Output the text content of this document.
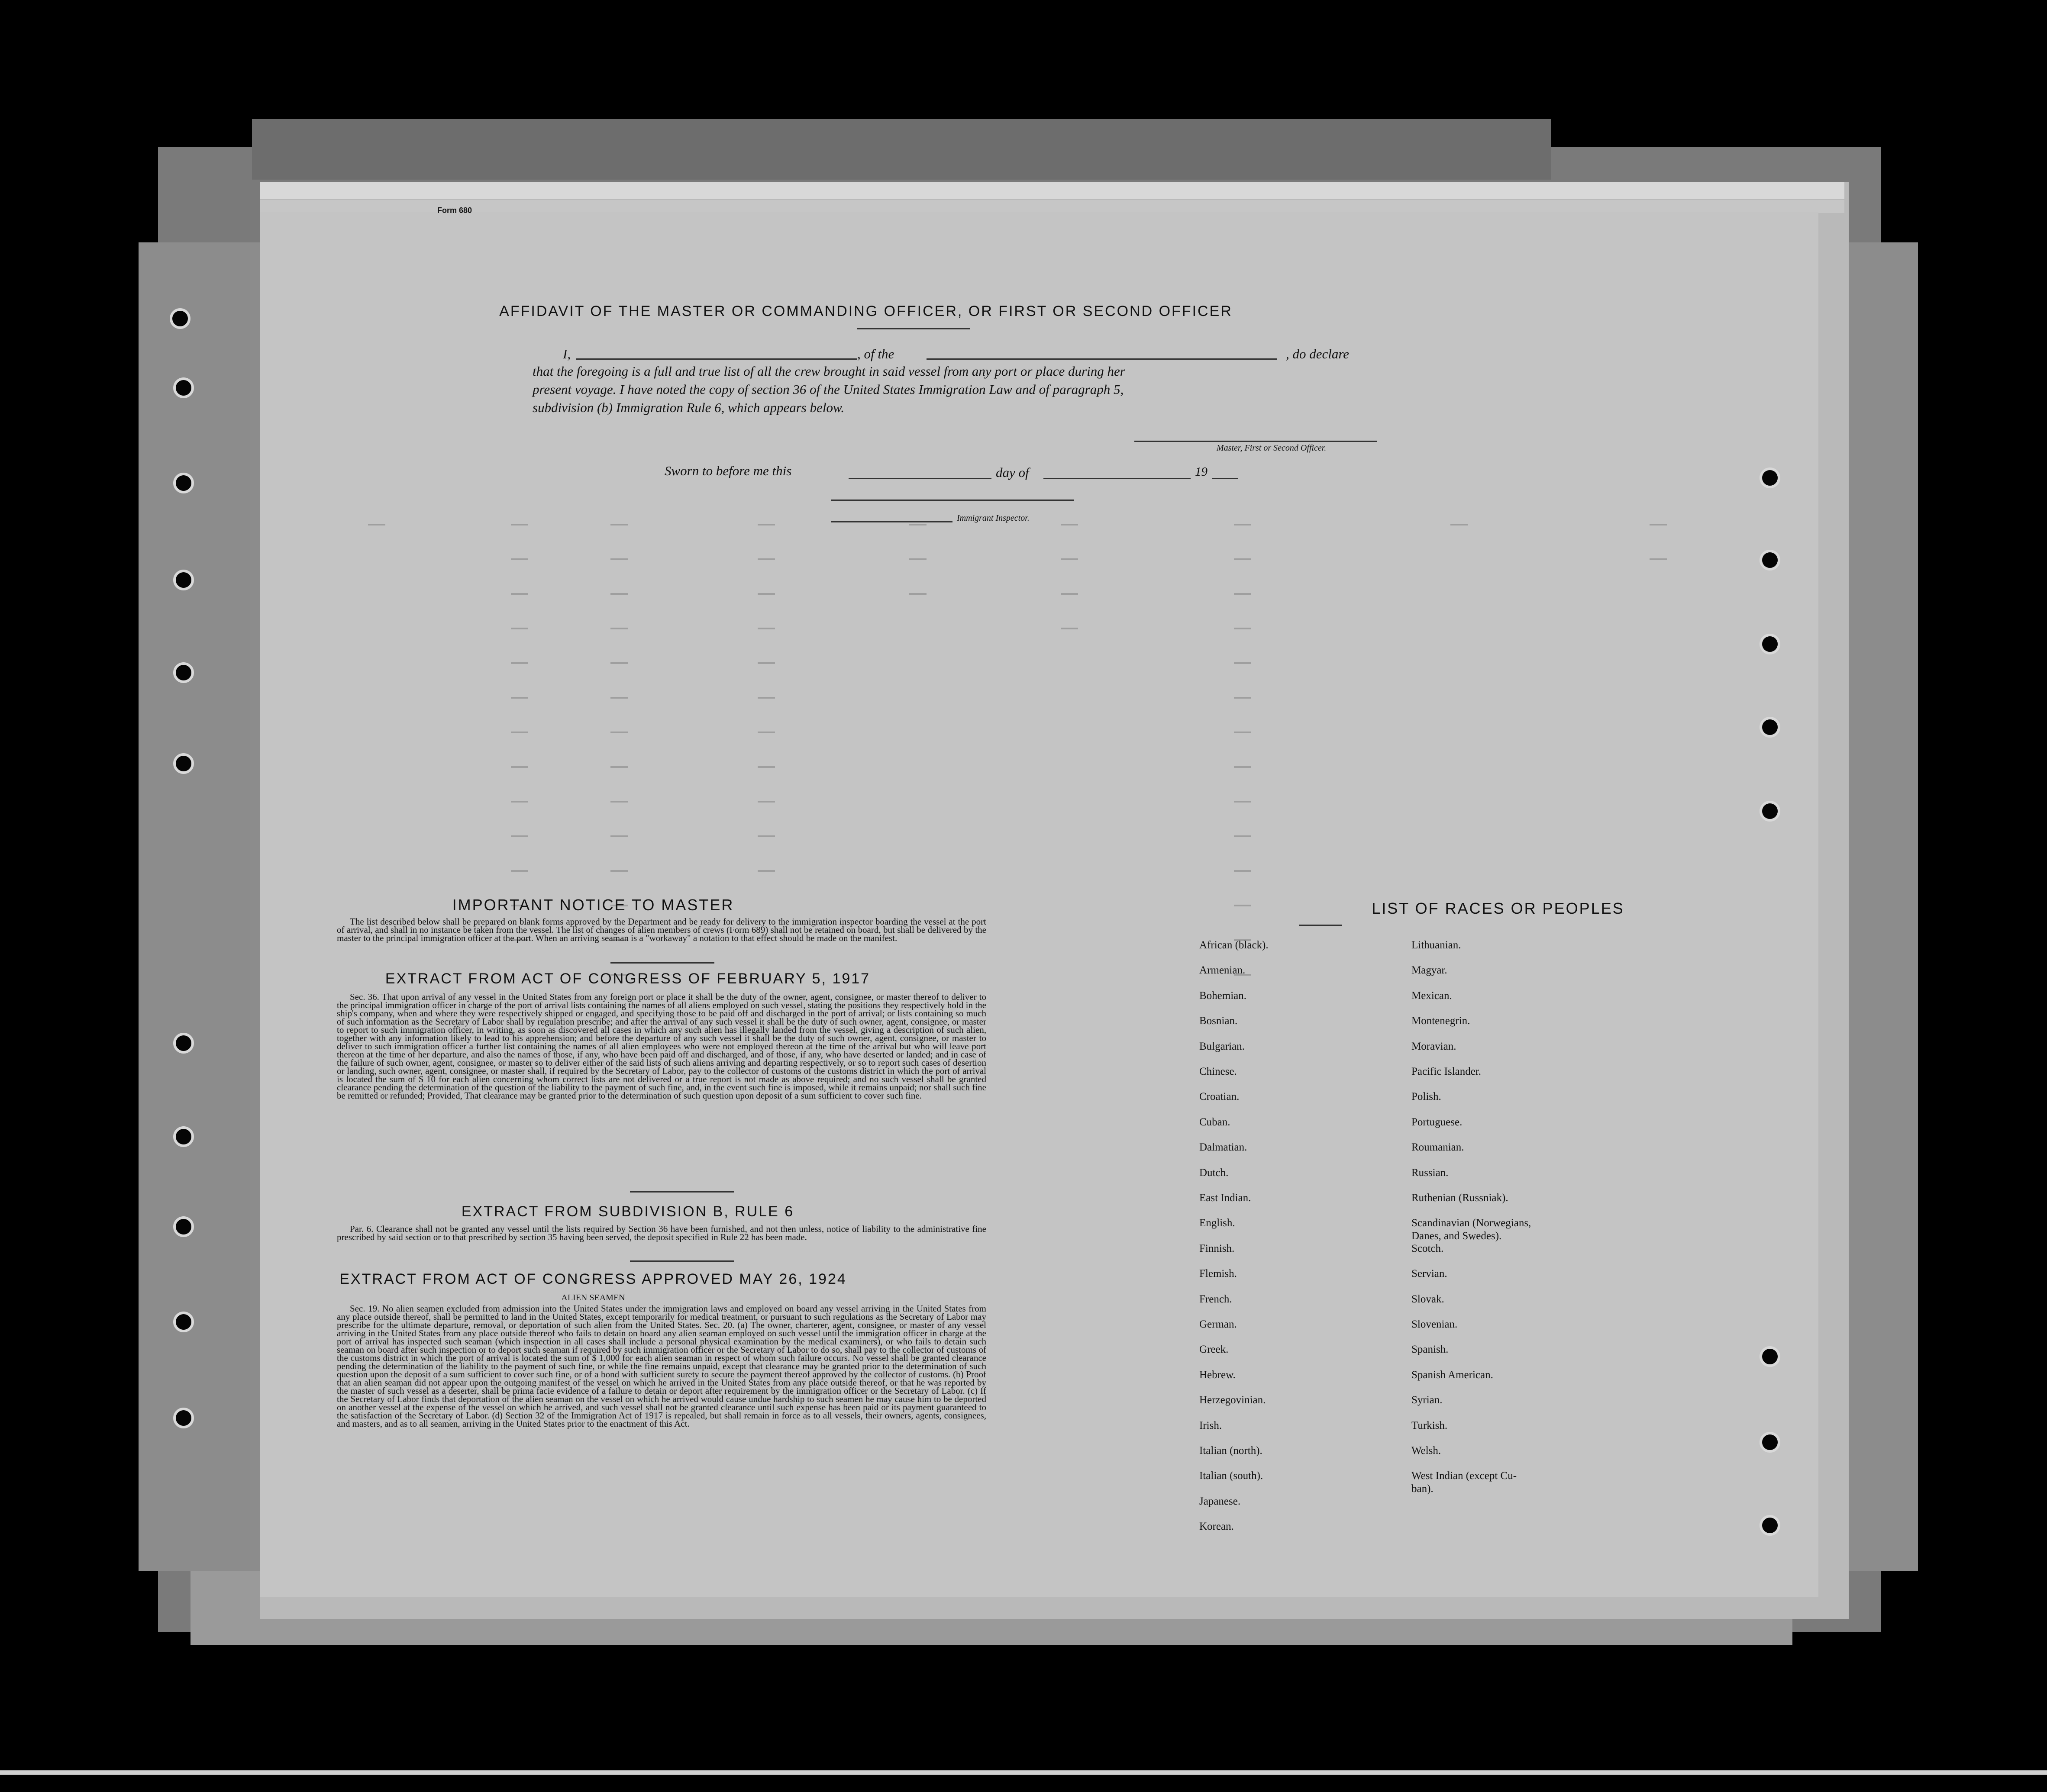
Form 680
AFFIDAVIT OF THE MASTER OR COMMANDING OFFICER, OR FIRST OR SECOND OFFICER
I,	, of the	, do declare
that the foregoing is a full and true list of all the crew brought in said vessel from any port or place during her
present voyage. I have noted the copy of section 36 of the United States Immigration Law and of paragraph 5,
subdivision (b) Immigration Rule 6, which appears below.
Master, First or Second Officer.
Sworn to before me this	day of	19
Immigrant Inspector.
IMPORTANT NOTICE TO MASTER
The list described below shall be prepared on blank forms approved by the Department and be ready for delivery to the immigration inspector boarding the vessel at the port of arrival, and shall in no instance be taken from the vessel. The list of changes of alien members of crews (Form 689) shall not be retained on board, but shall be delivered by the master to the principal immigration officer at the port. When an arriving seaman is a "workaway" a notation to that effect should be made on the manifest.
EXTRACT FROM ACT OF CONGRESS OF FEBRUARY 5, 1917
Sec. 36. That upon arrival of any vessel in the United States from any foreign port or place it shall be the duty of the owner, agent, consignee, or master thereof to deliver to the principal immigration officer in charge of the port of arrival lists containing the names of all aliens employed on such vessel, stating the positions they respectively hold in the ship's company, when and where they were respectively shipped or engaged, and specifying those to be paid off and discharged in the port of arrival; or lists containing so much of such information as the Secretary of Labor shall by regulation prescribe; and after the arrival of any such vessel it shall be the duty of such owner, agent, consignee, or master to report to such immigration officer, in writing, as soon as discovered all cases in which any such alien has illegally landed from the vessel, giving a description of such alien, together with any information likely to lead to his apprehension; and before the departure of any such vessel it shall be the duty of such owner, agent, consignee, or master to deliver to such immigration officer a further list containing the names of all alien employees who were not employed thereon at the time of the arrival but who will leave port thereon at the time of her departure, and also the names of those, if any, who have been paid off and discharged, and of those, if any, who have deserted or landed; and in case of the failure of such owner, agent, consignee, or master so to deliver either of the said lists of such aliens arriving and departing respectively, or so to report such cases of desertion or landing, such owner, agent, consignee, or master shall, if required by the Secretary of Labor, pay to the collector of customs of the customs district in which the port of arrival is located the sum of $ 10 for each alien concerning whom correct lists are not delivered or a true report is not made as above required; and no such vessel shall be granted clearance pending the determination of the question of the liability to the payment of such fine, and, in the event such fine is imposed, while it remains unpaid; nor shall such fine be remitted or refunded; Provided, That clearance may be granted prior to the determination of such question upon deposit of a sum sufficient to cover such fine.
EXTRACT FROM SUBDIVISION B, RULE 6
Par. 6. Clearance shall not be granted any vessel until the lists required by Section 36 have been furnished, and not then unless, notice of liability to the administrative fine prescribed by said section or to that prescribed by section 35 having been served, the deposit specified in Rule 22 has been made.
EXTRACT FROM ACT OF CONGRESS APPROVED MAY 26, 1924
ALIEN SEAMEN
Sec. 19. No alien seamen excluded from admission into the United States under the immigration laws and employed on board any vessel arriving in the United States from any place outside thereof, shall be permitted to land in the United States, except temporarily for medical treatment, or pursuant to such regulations as the Secretary of Labor may prescribe for the ultimate departure, removal, or deportation of such alien from the United States. Sec. 20. (a) The owner, charterer, agent, consignee, or master of any vessel arriving in the United States from any place outside thereof who fails to detain on board any alien seaman employed on such vessel until the immigration officer in charge at the port of arrival has inspected such seaman (which inspection in all cases shall include a personal physical examination by the medical examiners), or who fails to detain such seaman on board after such inspection or to deport such seaman if required by such immigration officer or the Secretary of Labor to do so, shall pay to the collector of customs of the customs district in which the port of arrival is located the sum of $ 1,000 for each alien seaman in respect of whom such failure occurs. No vessel shall be granted clearance pending the determination of the liability to the payment of such fine, or while the fine remains unpaid, except that clearance may be granted prior to the determination of such question upon the deposit of a sum sufficient to cover such fine, or of a bond with sufficient surety to secure the payment thereof approved by the collector of customs. (b) Proof that an alien seaman did not appear upon the outgoing manifest of the vessel on which he arrived in the United States from any place outside thereof, or that he was reported by the master of such vessel as a deserter, shall be prima facie evidence of a failure to detain or deport after requirement by the immigration officer or the Secretary of Labor. (c) If the Secretary of Labor finds that deportation of the alien seaman on the vessel on which he arrived would cause undue hardship to such seamen he may cause him to be deported on another vessel at the expense of the vessel on which he arrived, and such vessel shall not be granted clearance until such expense has been paid or its payment guaranteed to the satisfaction of the Secretary of Labor. (d) Section 32 of the Immigration Act of 1917 is repealed, but shall remain in force as to all vessels, their owners, agents, consignees, and masters, and as to all seamen, arriving in the United States prior to the enactment of this Act.
LIST OF RACES OR PEOPLES
African (black).
Armenian.
Bohemian.
Bosnian.
Bulgarian.
Chinese.
Croatian.
Cuban.
Dalmatian.
Dutch.
East Indian.
English.
Finnish.
Flemish.
French.
German.
Greek.
Hebrew.
Herzegovinian.
Irish.
Italian (north).
Italian (south).
Japanese.
Korean.
Lithuanian.
Magyar.
Mexican.
Montenegrin.
Moravian.
Pacific Islander.
Polish.
Portuguese.
Roumanian.
Russian.
Ruthenian (Russniak).
Scandinavian (Norwegians,
Danes, and Swedes).
Scotch.
Servian.
Slovak.
Slovenian.
Spanish.
Spanish American.
Syrian.
Turkish.
Welsh.
West Indian (except Cu-
ban).
